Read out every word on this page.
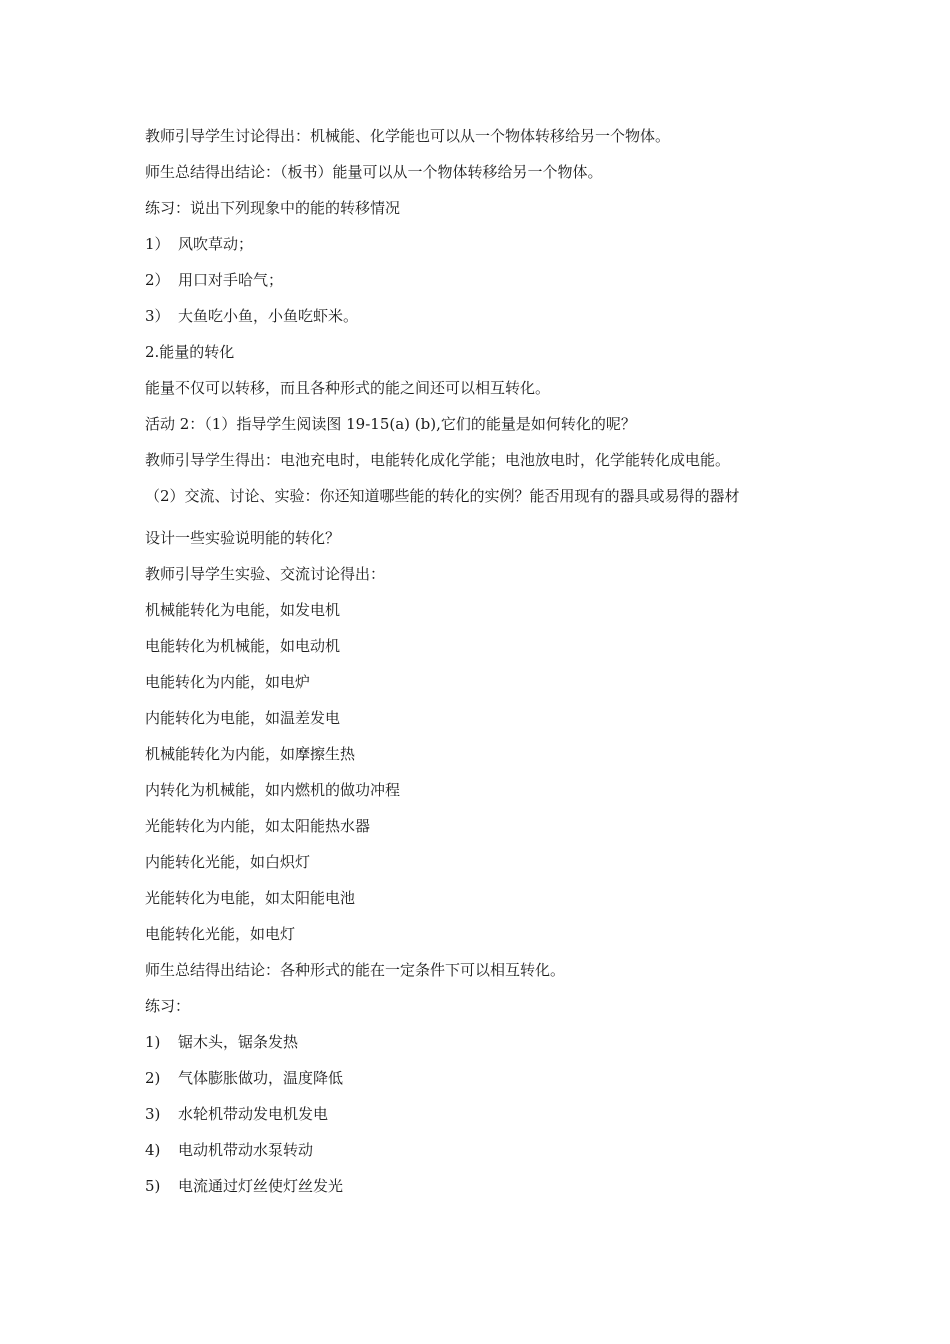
教师引导学生讨论得出：机械能、化学能也可以从一个物体转移给另一个物体。
师生总结得出结论：（板书）能量可以从一个物体转移给另一个物体。
练习：说出下列现象中的能的转移情况
1） 风吹草动；
2） 用口对手哈气；
3） 大鱼吃小鱼，小鱼吃虾米。
2.能量的转化
能量不仅可以转移，而且各种形式的能之间还可以相互转化。
活动 2：（1）指导学生阅读图 19-15(a) (b),它们的能量是如何转化的呢？
教师引导学生得出：电池充电时，电能转化成化学能；电池放电时，化学能转化成电能。
（2）交流、讨论、实验：你还知道哪些能的转化的实例？能否用现有的器具或易得的器材
设计一些实验说明能的转化？
教师引导学生实验、交流讨论得出：
机械能转化为电能，如发电机
电能转化为机械能，如电动机
电能转化为内能，如电炉
内能转化为电能，如温差发电
机械能转化为内能，如摩擦生热
内转化为机械能，如内燃机的做功冲程
光能转化为内能，如太阳能热水器
内能转化光能，如白炽灯
光能转化为电能，如太阳能电池
电能转化光能，如电灯
师生总结得出结论：各种形式的能在一定条件下可以相互转化。
练习：
1) 锯木头，锯条发热
2) 气体膨胀做功，温度降低
3) 水轮机带动发电机发电
4) 电动机带动水泵转动
5) 电流通过灯丝使灯丝发光
